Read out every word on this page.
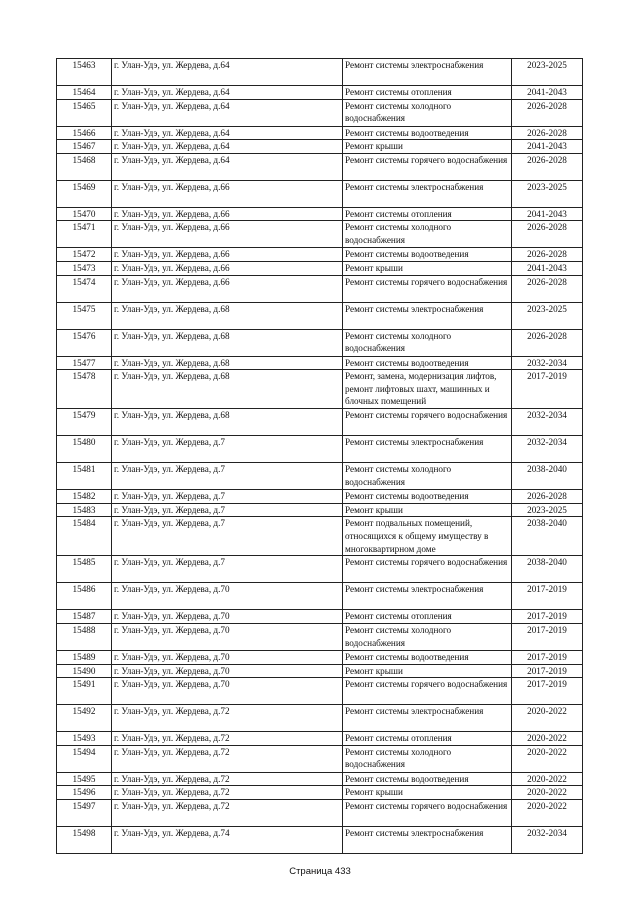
15463	г. Улан-Удэ, ул. Жердева, д.64	Ремонт системы электроснабжения	2023-2025
15464	г. Улан-Удэ, ул. Жердева, д.64	Ремонт системы отопления	2041-2043
15465	г. Улан-Удэ, ул. Жердева, д.64	Ремонт системы холодного водоснабжения	2026-2028
15466	г. Улан-Удэ, ул. Жердева, д.64	Ремонт системы водоотведения	2026-2028
15467	г. Улан-Удэ, ул. Жердева, д.64	Ремонт крыши	2041-2043
15468	г. Улан-Удэ, ул. Жердева, д.64	Ремонт системы горячего водоснабжения	2026-2028
15469	г. Улан-Удэ, ул. Жердева, д.66	Ремонт системы электроснабжения	2023-2025
15470	г. Улан-Удэ, ул. Жердева, д.66	Ремонт системы отопления	2041-2043
15471	г. Улан-Удэ, ул. Жердева, д.66	Ремонт системы холодного водоснабжения	2026-2028
15472	г. Улан-Удэ, ул. Жердева, д.66	Ремонт системы водоотведения	2026-2028
15473	г. Улан-Удэ, ул. Жердева, д.66	Ремонт крыши	2041-2043
15474	г. Улан-Удэ, ул. Жердева, д.66	Ремонт системы горячего водоснабжения	2026-2028
15475	г. Улан-Удэ, ул. Жердева, д.68	Ремонт системы электроснабжения	2023-2025
15476	г. Улан-Удэ, ул. Жердева, д.68	Ремонт системы холодного водоснабжения	2026-2028
15477	г. Улан-Удэ, ул. Жердева, д.68	Ремонт системы водоотведения	2032-2034
15478	г. Улан-Удэ, ул. Жердева, д.68	Ремонт, замена, модернизация лифтов, ремонт лифтовых шахт, машинных и блочных помещений	2017-2019
15479	г. Улан-Удэ, ул. Жердева, д.68	Ремонт системы горячего водоснабжения	2032-2034
15480	г. Улан-Удэ, ул. Жердева, д.7	Ремонт системы электроснабжения	2032-2034
15481	г. Улан-Удэ, ул. Жердева, д.7	Ремонт системы холодного водоснабжения	2038-2040
15482	г. Улан-Удэ, ул. Жердева, д.7	Ремонт системы водоотведения	2026-2028
15483	г. Улан-Удэ, ул. Жердева, д.7	Ремонт крыши	2023-2025
15484	г. Улан-Удэ, ул. Жердева, д.7	Ремонт подвальных помещений, относящихся к общему имуществу в многоквартирном доме	2038-2040
15485	г. Улан-Удэ, ул. Жердева, д.7	Ремонт системы горячего водоснабжения	2038-2040
15486	г. Улан-Удэ, ул. Жердева, д.70	Ремонт системы электроснабжения	2017-2019
15487	г. Улан-Удэ, ул. Жердева, д.70	Ремонт системы отопления	2017-2019
15488	г. Улан-Удэ, ул. Жердева, д.70	Ремонт системы холодного водоснабжения	2017-2019
15489	г. Улан-Удэ, ул. Жердева, д.70	Ремонт системы водоотведения	2017-2019
15490	г. Улан-Удэ, ул. Жердева, д.70	Ремонт крыши	2017-2019
15491	г. Улан-Удэ, ул. Жердева, д.70	Ремонт системы горячего водоснабжения	2017-2019
15492	г. Улан-Удэ, ул. Жердева, д.72	Ремонт системы электроснабжения	2020-2022
15493	г. Улан-Удэ, ул. Жердева, д.72	Ремонт системы отопления	2020-2022
15494	г. Улан-Удэ, ул. Жердева, д.72	Ремонт системы холодного водоснабжения	2020-2022
15495	г. Улан-Удэ, ул. Жердева, д.72	Ремонт системы водоотведения	2020-2022
15496	г. Улан-Удэ, ул. Жердева, д.72	Ремонт крыши	2020-2022
15497	г. Улан-Удэ, ул. Жердева, д.72	Ремонт системы горячего водоснабжения	2020-2022
15498	г. Улан-Удэ, ул. Жердева, д.74	Ремонт системы электроснабжения	2032-2034
Страница 433
